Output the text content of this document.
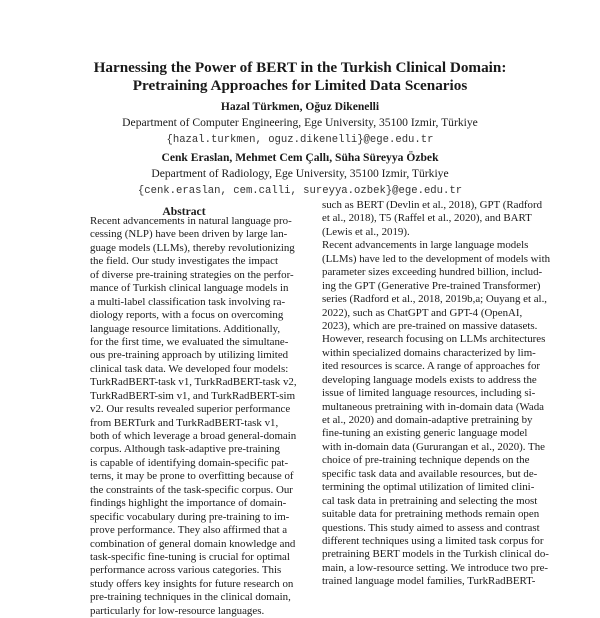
Harnessing the Power of BERT in the Turkish Clinical Domain:
Pretraining Approaches for Limited Data Scenarios
Hazal Türkmen, Oğuz Dikenelli
Department of Computer Engineering, Ege University, 35100 Izmir, Türkiye
{hazal.turkmen, oguz.dikenelli}@ege.edu.tr
Cenk Eraslan, Mehmet Cem Çallı, Süha Süreyya Özbek
Department of Radiology, Ege University, 35100 Izmir, Türkiye
{cenk.eraslan, cem.calli, sureyya.ozbek}@ege.edu.tr
Abstract
Recent advancements in natural language pro-
cessing (NLP) have been driven by large lan-
guage models (LLMs), thereby revolutionizing
the field. Our study investigates the impact
of diverse pre-training strategies on the perfor-
mance of Turkish clinical language models in
a multi-label classification task involving ra-
diology reports, with a focus on overcoming
language resource limitations. Additionally,
for the first time, we evaluated the simultane-
ous pre-training approach by utilizing limited
clinical task data. We developed four models:
TurkRadBERT-task v1, TurkRadBERT-task v2,
TurkRadBERT-sim v1, and TurkRadBERT-sim
v2. Our results revealed superior performance
from BERTurk and TurkRadBERT-task v1,
both of which leverage a broad general-domain
corpus. Although task-adaptive pre-training
is capable of identifying domain-specific pat-
terns, it may be prone to overfitting because of
the constraints of the task-specific corpus. Our
findings highlight the importance of domain-
specific vocabulary during pre-training to im-
prove performance. They also affirmed that a
combination of general domain knowledge and
task-specific fine-tuning is crucial for optimal
performance across various categories. This
study offers key insights for future research on
pre-training techniques in the clinical domain,
particularly for low-resource languages.
such as BERT (Devlin et al., 2018), GPT (Radford
et al., 2018), T5 (Raffel et al., 2020), and BART
(Lewis et al., 2019).
Recent advancements in large language models
(LLMs) have led to the development of models with
parameter sizes exceeding hundred billion, includ-
ing the GPT (Generative Pre-trained Transformer)
series (Radford et al., 2018, 2019b,a; Ouyang et al.,
2022), such as ChatGPT and GPT-4 (OpenAI,
2023), which are pre-trained on massive datasets.
However, research focusing on LLMs architectures
within specialized domains characterized by lim-
ited resources is scarce. A range of approaches for
developing language models exists to address the
issue of limited language resources, including si-
multaneous pretraining with in-domain data (Wada
et al., 2020) and domain-adaptive pretraining by
fine-tuning an existing generic language model
with in-domain data (Gururangan et al., 2020). The
choice of pre-training technique depends on the
specific task data and available resources, but de-
termining the optimal utilization of limited clini-
cal task data in pretraining and selecting the most
suitable data for pretraining methods remain open
questions. This study aimed to assess and contrast
different techniques using a limited task corpus for
pretraining BERT models in the Turkish clinical do-
main, a low-resource setting. We introduce two pre-
trained language model families, TurkRadBERT-
